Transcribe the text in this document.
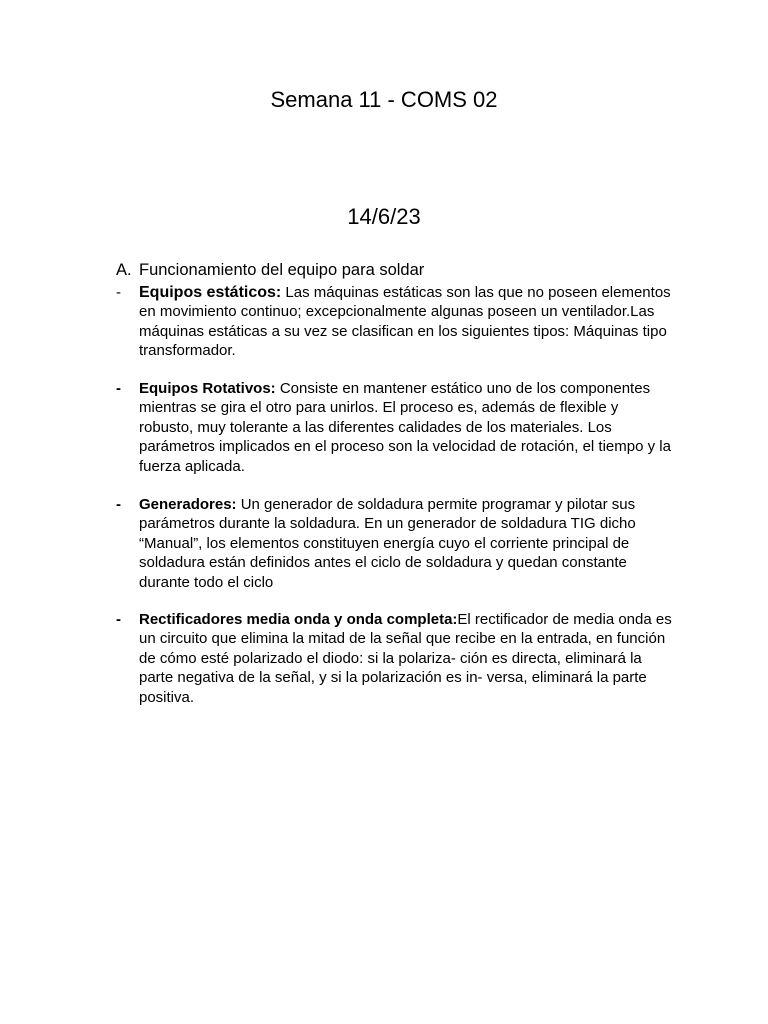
Semana 11 - COMS 02
14/6/23
A. Funcionamiento del equipo para soldar
-	Equipos estáticos: Las máquinas estáticas son las que no poseen elementos en movimiento continuo; excepcionalmente algunas poseen un ventilador.Las máquinas estáticas a su vez se clasifican en los siguientes tipos: Máquinas tipo transformador.
-	Equipos Rotativos: Consiste en mantener estático uno de los componentes mientras se gira el otro para unirlos. El proceso es, además de flexible y robusto, muy tolerante a las diferentes calidades de los materiales. Los parámetros implicados en el proceso son la velocidad de rotación, el tiempo y la fuerza aplicada.
-	Generadores: Un generador de soldadura permite programar y pilotar sus parámetros durante la soldadura. En un generador de soldadura TIG dicho “Manual”, los elementos constituyen energía cuyo el corriente principal de soldadura están definidos antes el ciclo de soldadura y quedan constante durante todo el ciclo
-	Rectificadores media onda y onda completa:El rectificador de media onda es un circuito que elimina la mitad de la señal que recibe en la entrada, en función de cómo esté polarizado el diodo: si la polariza- ción es directa, eliminará la parte negativa de la señal, y si la polarización es in- versa, eliminará la parte positiva.
